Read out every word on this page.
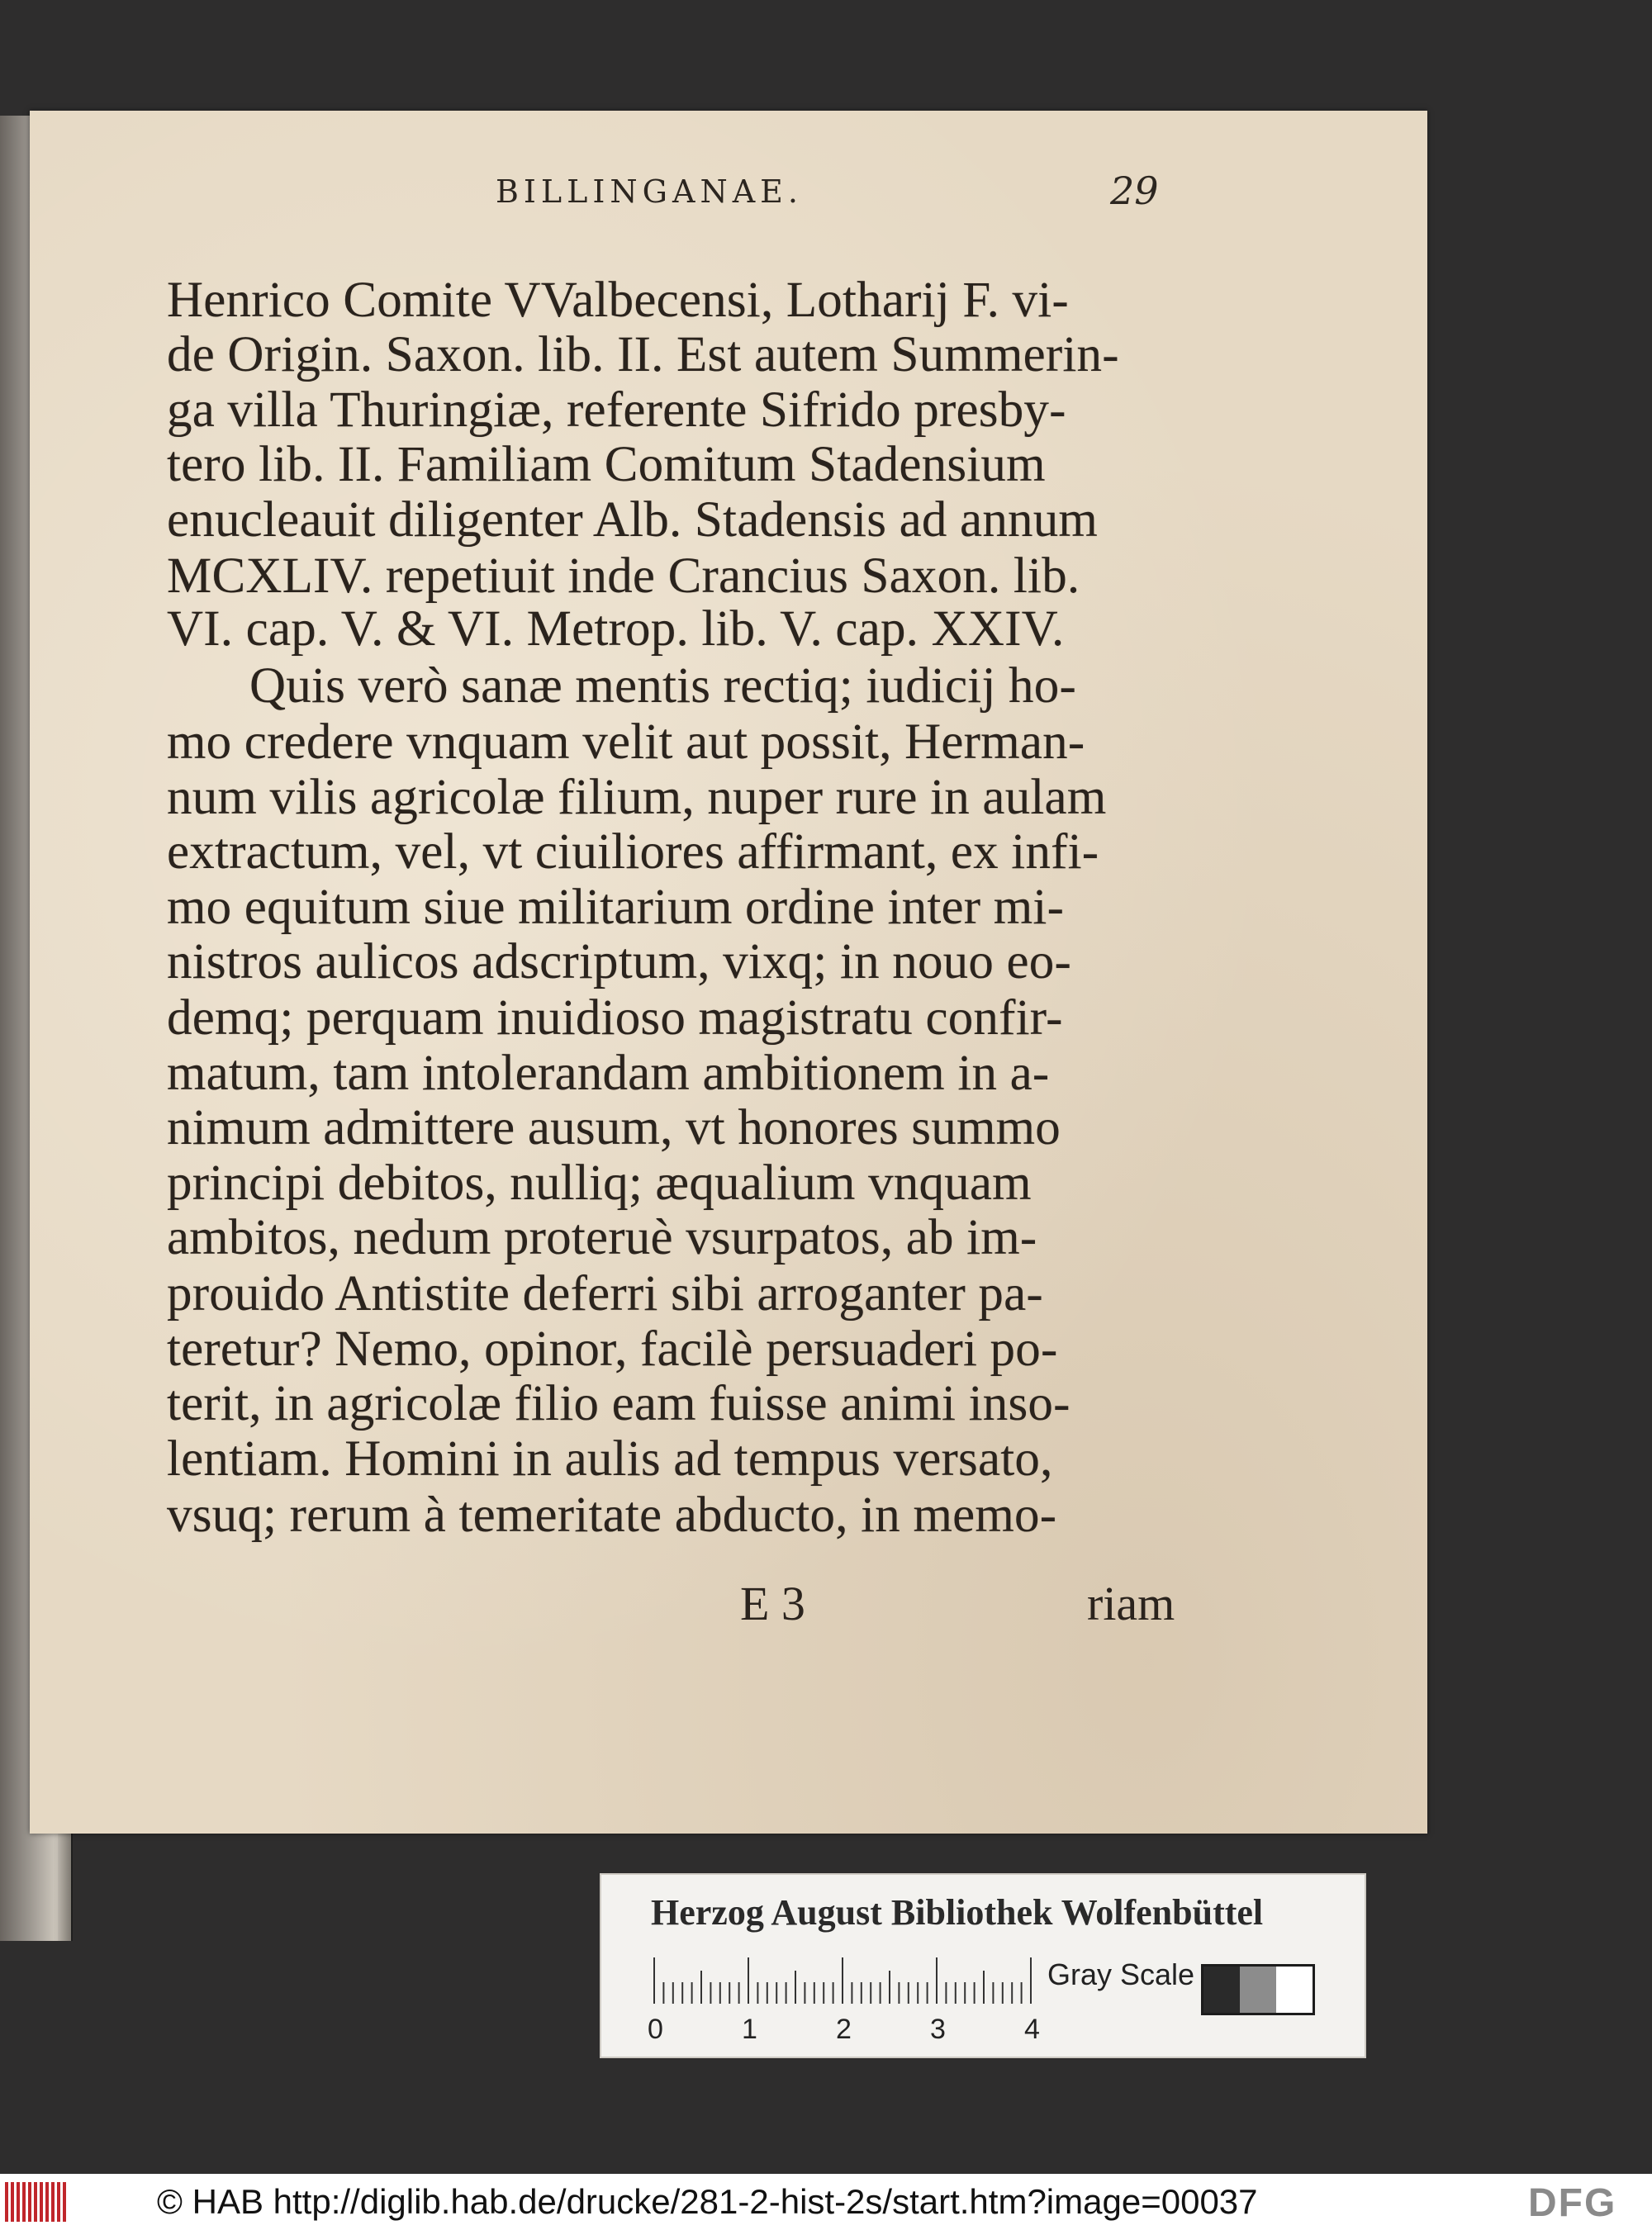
BILLINGANAE.	29
Henrico Comite VValbecensi, Lotharij F. vi-
de Origin. Saxon. lib. II. Est autem Summerin-
ga villa Thuringiæ, referente Sifrido presby-
tero lib. II. Familiam Comitum Stadensium
enucleauit diligenter Alb. Stadensis ad annum
MCXLIV. repetiuit inde Crancius Saxon. lib.
VI. cap. V. & VI. Metrop. lib. V. cap. XXIV.
Quis verò sanæ mentis rectiq; iudicij ho-
mo credere vnquam velit aut possit, Herman-
num vilis agricolæ filium, nuper rure in aulam
extractum, vel, vt ciuiliores affirmant, ex infi-
mo equitum siue militarium ordine inter mi-
nistros aulicos adscriptum, vixq; in nouo eo-
demq; perquam inuidioso magistratu confir-
matum, tam intolerandam ambitionem in a-
nimum admittere ausum, vt honores summo
principi debitos, nulliq; æqualium vnquam
ambitos, nedum proteruè vsurpatos, ab im-
prouido Antistite deferri sibi arroganter pa-
teretur? Nemo, opinor, facilè persuaderi po-
terit, in agricolæ filio eam fuisse animi inso-
lentiam. Homini in aulis ad tempus versato,
vsuq; rerum à temeritate abducto, in memo-
E 3	riam
Herzog August Bibliothek Wolfenbüttel
0	1	2	3	4
Gray Scale
© HAB http://diglib.hab.de/drucke/281-2-hist-2s/start.htm?image=00037	DFG
